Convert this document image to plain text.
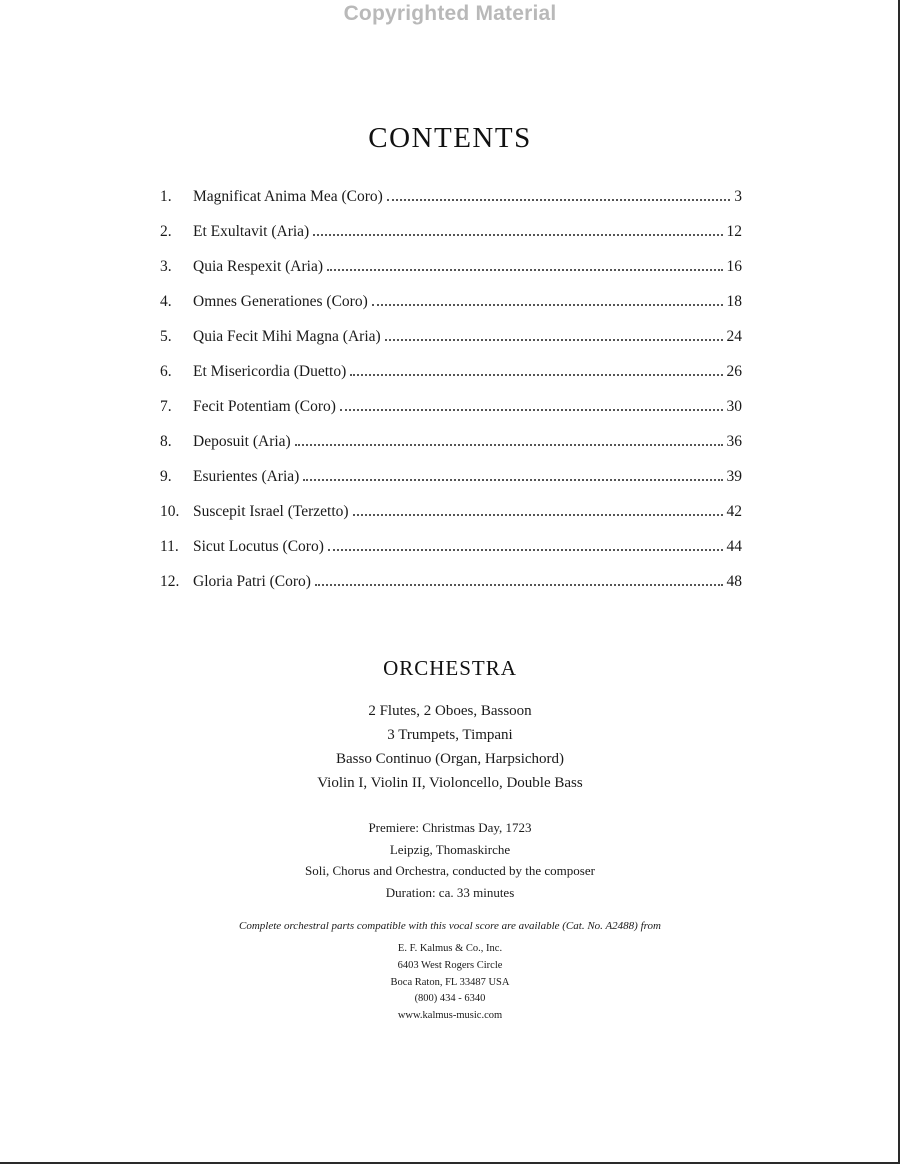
Copyrighted Material
CONTENTS
1.	Magnificat Anima Mea (Coro)	3
2.	Et Exultavit (Aria)	12
3.	Quia Respexit (Aria)	16
4.	Omnes Generationes (Coro)	18
5.	Quia Fecit Mihi Magna (Aria)	24
6.	Et Misericordia (Duetto)	26
7.	Fecit Potentiam (Coro)	30
8.	Deposuit (Aria)	36
9.	Esurientes (Aria)	39
10. Suscepit Israel (Terzetto)	42
11. Sicut Locutus (Coro)	44
12. Gloria Patri (Coro)	48
ORCHESTRA
2 Flutes, 2 Oboes, Bassoon
3 Trumpets, Timpani
Basso Continuo (Organ, Harpsichord)
Violin I, Violin II, Violoncello, Double Bass
Premiere: Christmas Day, 1723
Leipzig, Thomaskirche
Soli, Chorus and Orchestra, conducted by the composer
Duration: ca. 33 minutes
Complete orchestral parts compatible with this vocal score are available (Cat. No. A2488) from
E. F. Kalmus & Co., Inc.
6403 West Rogers Circle
Boca Raton, FL 33487 USA
(800) 434 - 6340
www.kalmus-music.com
